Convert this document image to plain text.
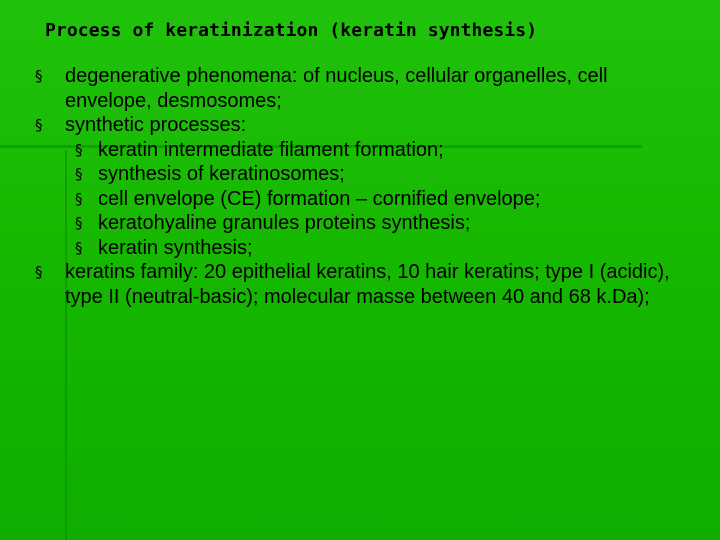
Process of keratinization (keratin synthesis)
§ degenerative phenomena: of nucleus, cellular organelles, cell envelope, desmosomes;
§ synthetic processes:
§ keratin intermediate filament formation;
§ synthesis of keratinosomes;
§ cell envelope (CE) formation – cornified envelope;
§ keratohyaline granules proteins synthesis;
§ keratin synthesis;
§ keratins family: 20 epithelial keratins, 10 hair keratins; type I (acidic), type II (neutral-basic); molecular masse between 40 and 68 k.Da);
